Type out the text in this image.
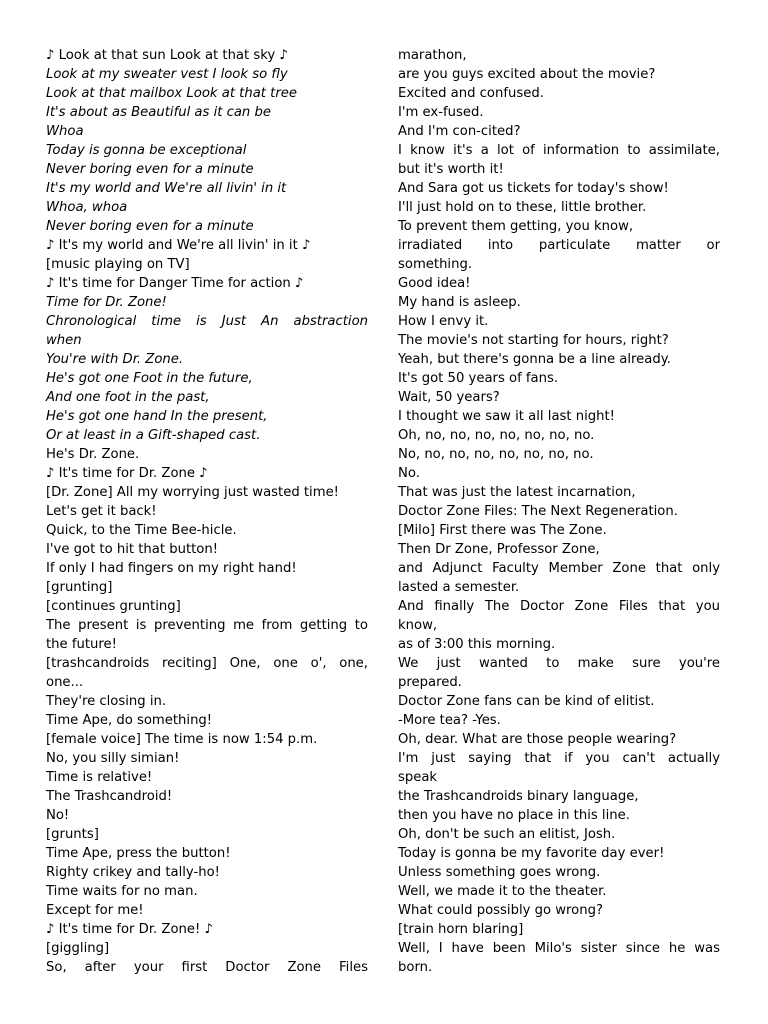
♪ Look at that sun Look at that sky ♪
Look at my sweater vest I look so fly
Look at that mailbox Look at that tree
It's about as Beautiful as it can be
Whoa
Today is gonna be exceptional
Never boring even for a minute
It's my world and We're all livin' in it
Whoa, whoa
Never boring even for a minute
♪ It's my world and We're all livin' in it ♪
[music playing on TV]
♪ It's time for Danger Time for action ♪
Time for Dr. Zone!
Chronological time is Just An abstraction
when
You're with Dr. Zone.
He's got one Foot in the future,
And one foot in the past,
He's got one hand In the present,
Or at least in a Gift-shaped cast.
He's Dr. Zone.
♪ It's time for Dr. Zone ♪
[Dr. Zone] All my worrying just wasted time!
Let's get it back!
Quick, to the Time Bee-hicle.
I've got to hit that button!
If only I had fingers on my right hand!
[grunting]
[continues grunting]
The present is preventing me from getting to
the future!
[trashcandroids reciting] One, one o', one,
one...
They're closing in.
Time Ape, do something!
[female voice] The time is now 1:54 p.m.
No, you silly simian!
Time is relative!
The Trashcandroid!
No!
[grunts]
Time Ape, press the button!
Righty crikey and tally-ho!
Time waits for no man.
Except for me!
♪ It's time for Dr. Zone! ♪
[giggling]
So, after your first Doctor Zone Files
marathon,
are you guys excited about the movie?
Excited and confused.
I'm ex-fused.
And I'm con-cited?
I know it's a lot of information to assimilate,
but it's worth it!
And Sara got us tickets for today's show!
I'll just hold on to these, little brother.
To prevent them getting, you know,
irradiated into particulate matter or
something.
Good idea!
My hand is asleep.
How I envy it.
The movie's not starting for hours, right?
Yeah, but there's gonna be a line already.
It's got 50 years of fans.
Wait, 50 years?
I thought we saw it all last night!
Oh, no, no, no, no, no, no, no.
No, no, no, no, no, no, no, no.
No.
That was just the latest incarnation,
Doctor Zone Files: The Next Regeneration.
[Milo] First there was The Zone.
Then Dr Zone, Professor Zone,
and Adjunct Faculty Member Zone that only
lasted a semester.
And finally The Doctor Zone Files that you
know,
as of 3:00 this morning.
We just wanted to make sure you're
prepared.
Doctor Zone fans can be kind of elitist.
-More tea? -Yes.
Oh, dear. What are those people wearing?
I'm just saying that if you can't actually
speak
the Trashcandroids binary language,
then you have no place in this line.
Oh, don't be such an elitist, Josh.
Today is gonna be my favorite day ever!
Unless something goes wrong.
Well, we made it to the theater.
What could possibly go wrong?
[train horn blaring]
Well, I have been Milo's sister since he was
born.
